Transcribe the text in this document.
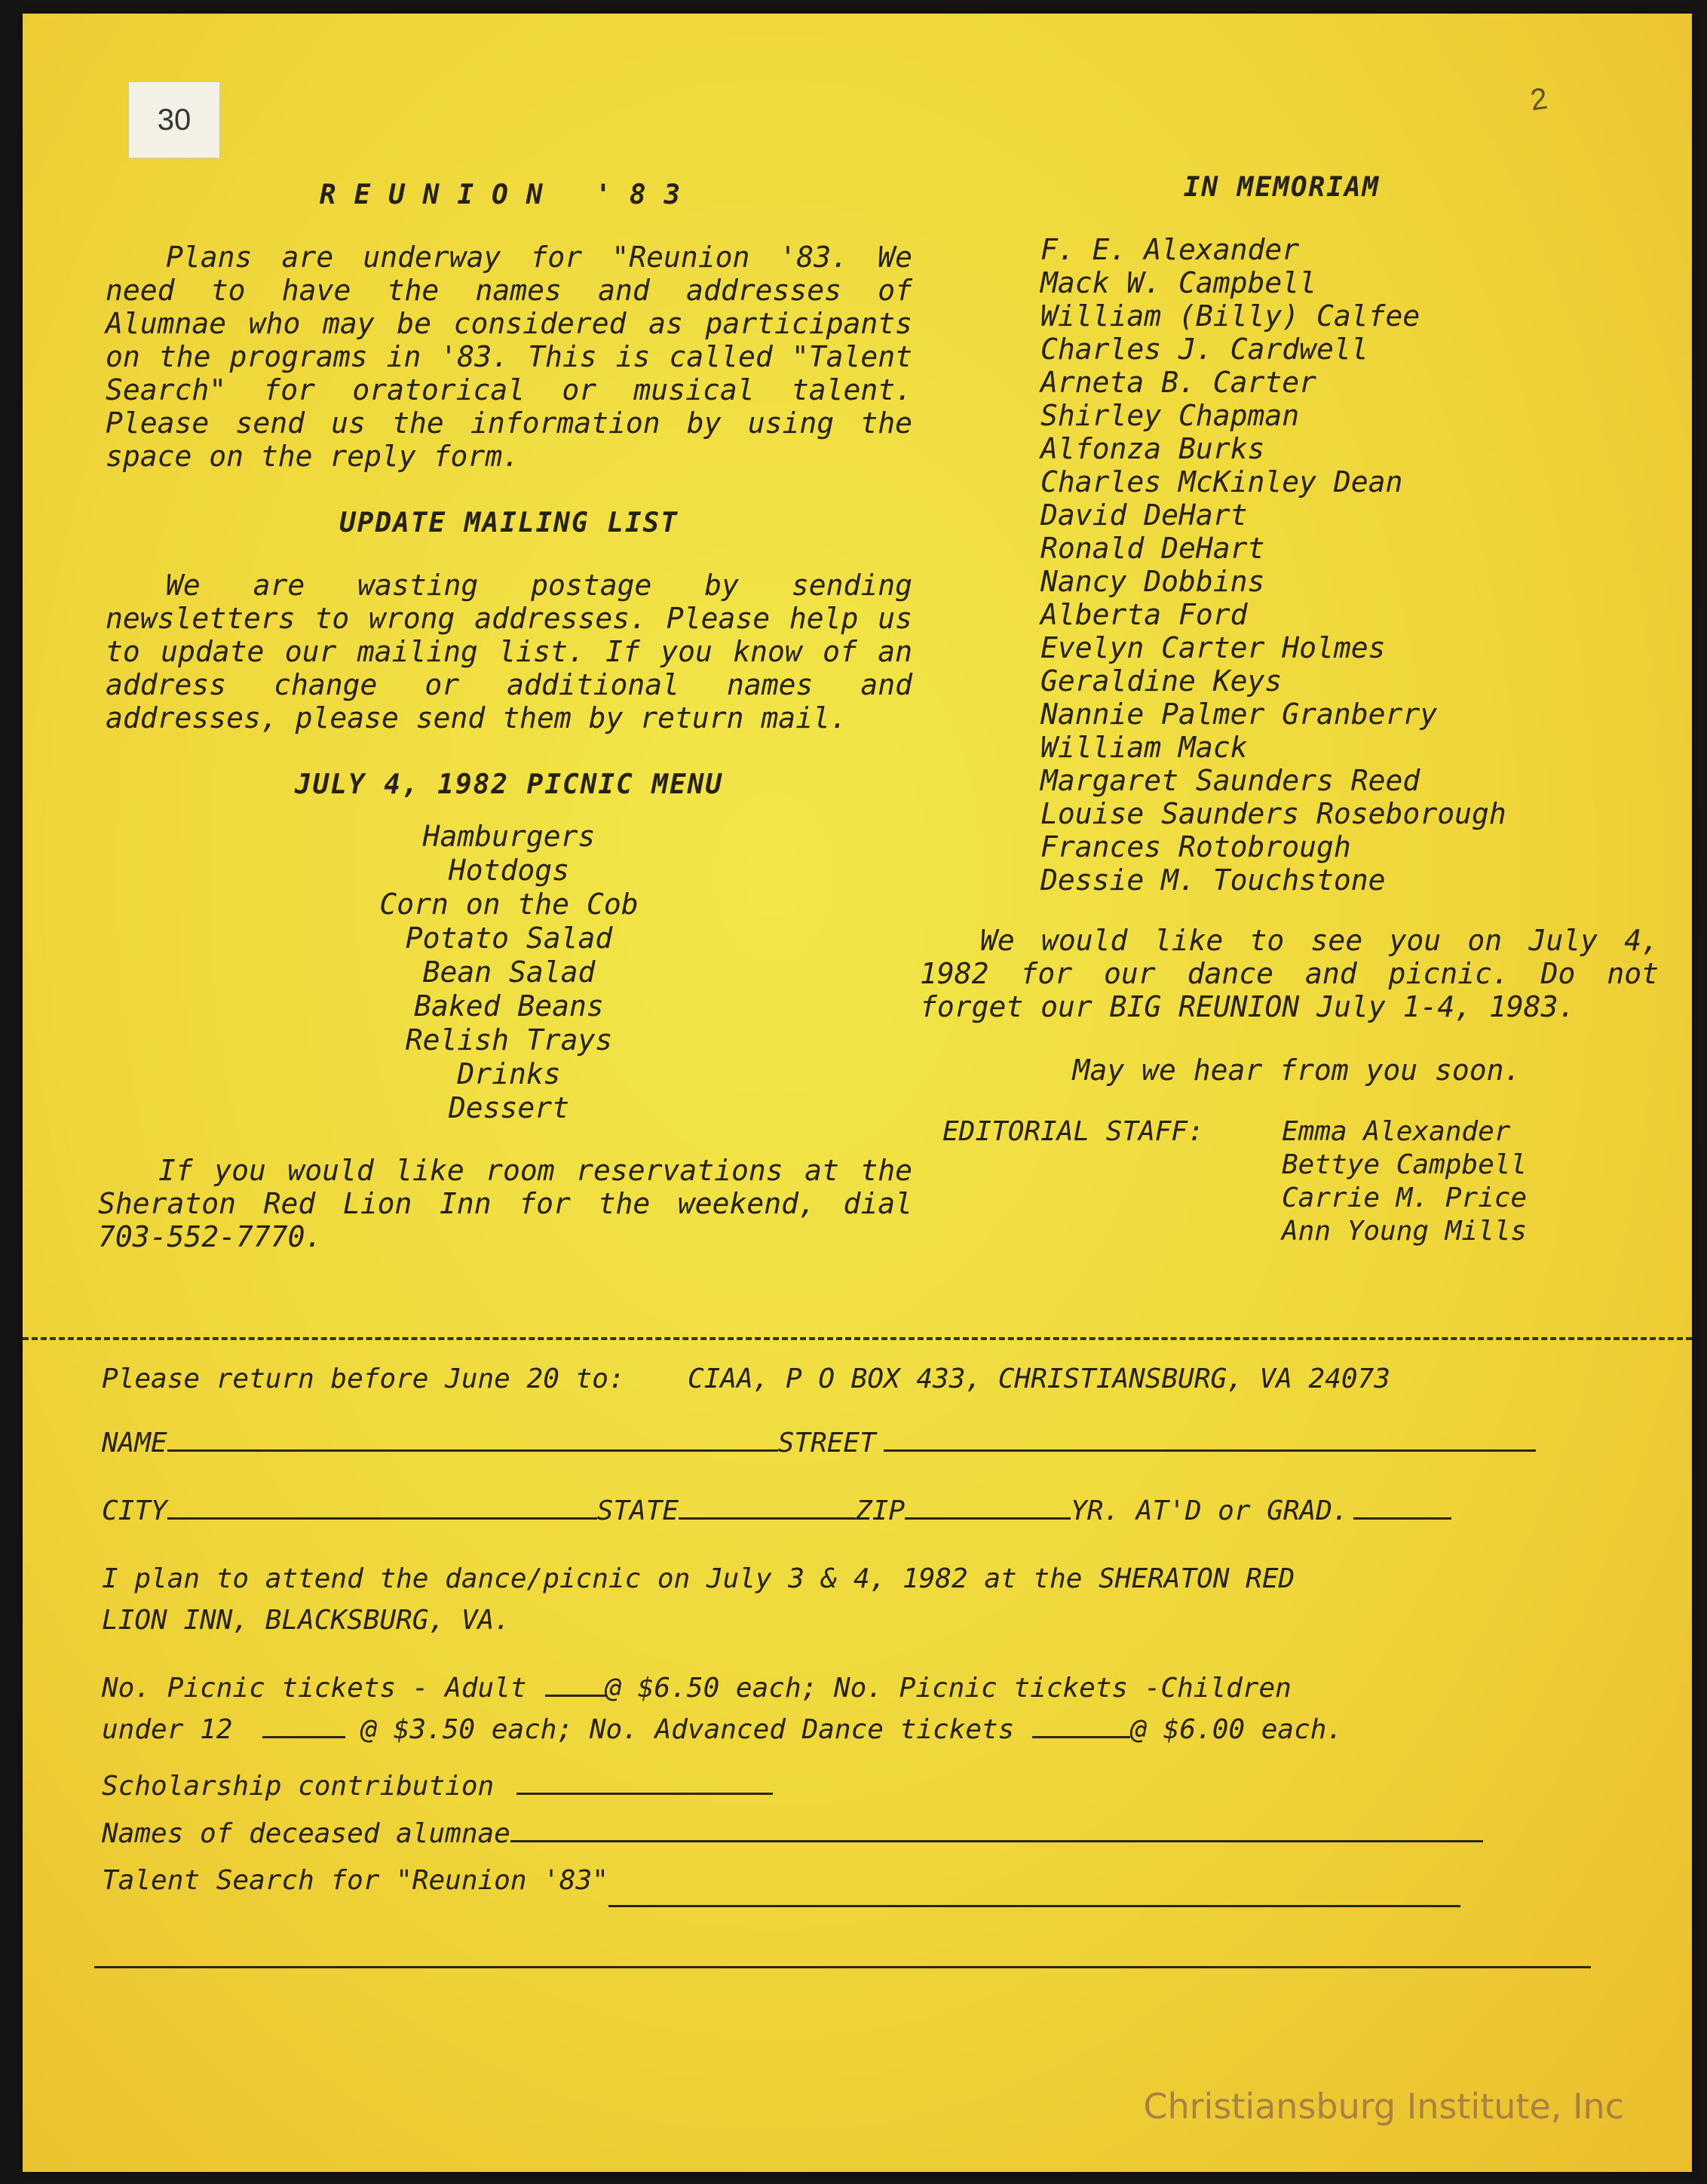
30
2
REUNION '83

Plans are underway for "Reunion '83. We need to have the names and addresses of Alumnae who may be considered as participants on the programs in '83. This is called "Talent Search" for oratorical or musical talent. Please send us the information by using the space on the reply form.

UPDATE MAILING LIST

We are wasting postage by sending newsletters to wrong addresses. Please help us to update our mailing list. If you know of an address change or additional names and addresses, please send them by return mail.

JULY 4, 1982 PICNIC MENU
Hamburgers
Hotdogs
Corn on the Cob
Potato Salad
Bean Salad
Baked Beans
Relish Trays
Drinks
Dessert

If you would like room reservations at the Sheraton Red Lion Inn for the weekend, dial 703-552-7770.

IN MEMORIAM
F. E. Alexander
Mack W. Campbell
William (Billy) Calfee
Charles J. Cardwell
Arneta B. Carter
Shirley Chapman
Alfonza Burks
Charles McKinley Dean
David DeHart
Ronald DeHart
Nancy Dobbins
Alberta Ford
Evelyn Carter Holmes
Geraldine Keys
Nannie Palmer Granberry
William Mack
Margaret Saunders Reed
Louise Saunders Roseborough
Frances Rotobrough
Dessie M. Touchstone

We would like to see you on July 4, 1982 for our dance and picnic. Do not forget our BIG REUNION July 1-4, 1983.

May we hear from you soon.

EDITORIAL STAFF:	Emma Alexander
Bettye Campbell
Carrie M. Price
Ann Young Mills
Please return before June 20 to: CIAA, P O BOX 433, CHRISTIANSBURG, VA 24073
NAME	STREET
CITY	STATE	ZIP	YR. AT'D or GRAD.
I plan to attend the dance/picnic on July 3 & 4, 1982 at the SHERATON RED
LION INN, BLACKSBURG, VA.
No. Picnic tickets - Adult	@ $6.50 each; No. Picnic tickets -Children
under 12	@ $3.50 each; No. Advanced Dance tickets	@ $6.00 each.
Scholarship contribution
Names of deceased alumnae
Talent Search for "Reunion '83"
Christiansburg Institute, Inc
